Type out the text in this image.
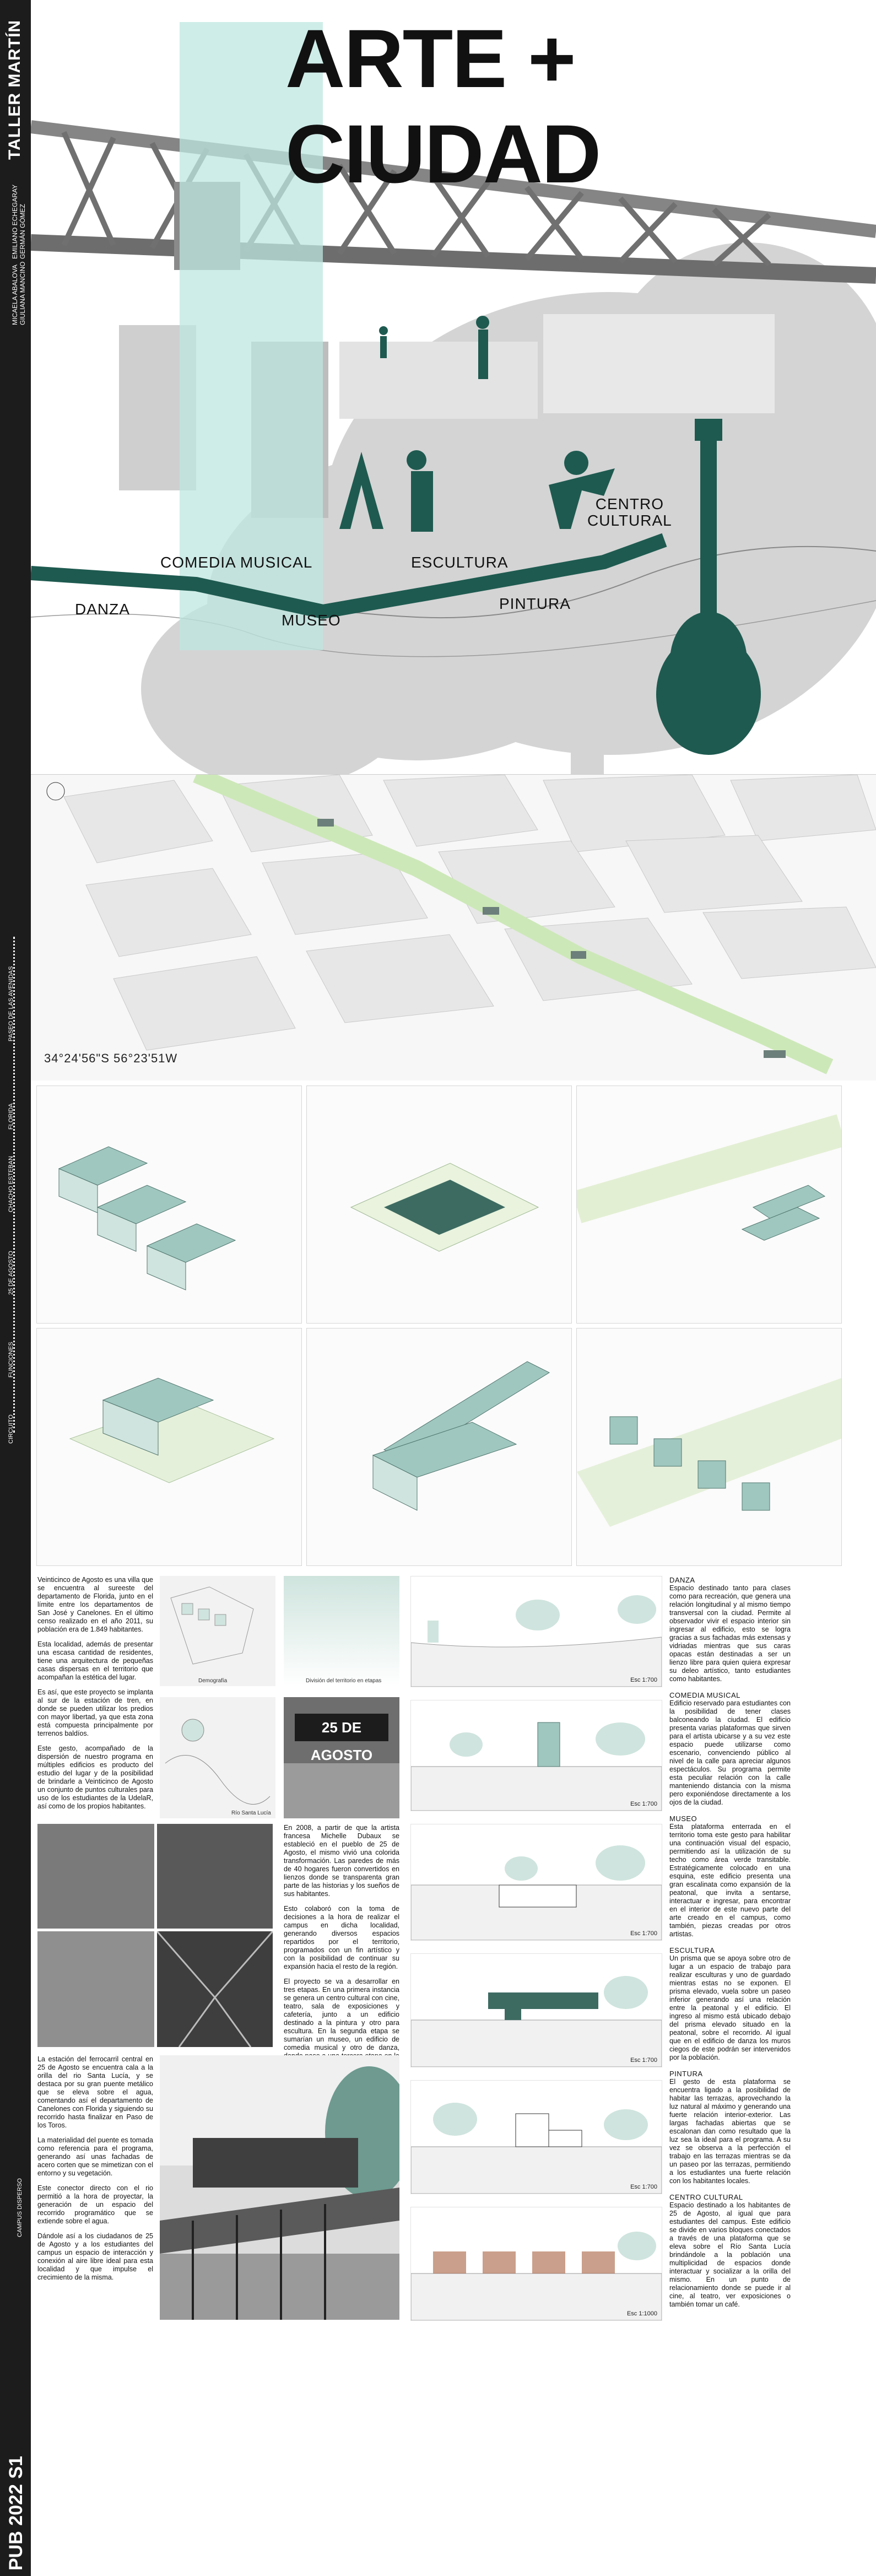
TALLER MARTÍN
EMILIANO ECHEGARAY GERMÁN GÓMEZ
MICAELA ABALOVA GIULIANA MANCINO
PASEO DE LAS AVENIDAS
FLORIDA
CHACHO ESTEBAN
25 DE AGOSTO
FUNCIONES
CIRCUITO
CAMPUS DISPERSO
PUB 2022 S1
ARTE + CIUDAD
DANZA
COMEDIA MUSICAL
MUSEO
ESCULTURA
PINTURA
CENTRO
CULTURAL
34°24'56"S 56°23'51W

Veinticinco de Agosto es una villa que se encuentra al sureeste del departamento de Florida, junto en el límite entre los departamentos de San José y Canelones. En el último censo realizado en el año 2011, su población era de 1.849 habitantes.

Esta localidad, además de presentar una escasa cantidad de residentes, tiene una arquitectura de pequeñas casas dispersas en el territorio que acompañan la estética del lugar.

Es así, que este proyecto se implanta al sur de la estación de tren, en donde se pueden utilizar los predios con mayor libertad, ya que esta zona está compuesta principalmente por terrenos baldíos.

Este gesto, acompañado de la dispersión de nuestro programa en múltiples edificios es producto del estudio del lugar y de la posibilidad de brindarle a Veinticinco de Agosto un conjunto de puntos culturales para uso de los estudiantes de la UdelaR, así como de los propios habitantes.

Demografía	División del territorio en etapas
Río Santa Lucía
25 DE AGOSTO

En 2008, a partir de que la artista francesa Michelle Dubaux se estableció en el pueblo de 25 de Agosto, el mismo vivió una colorida transformación. Las paredes de más de 40 hogares fueron convertidos en lienzos donde se transparenta gran parte de las historias y los sueños de sus habitantes.

Esto colaboró con la toma de decisiones a la hora de realizar el campus en dicha localidad, generando diversos espacios repartidos por el territorio, programados con un fin artístico y con la posibilidad de continuar su expansión hacia el resto de la región.

El proyecto se va a desarrollar en tres etapas. En una primera instancia se genera un centro cultural con cine, teatro, sala de exposiciones y cafetería, junto a un edificio destinado a la pintura y otro para escultura. En la segunda etapa se sumarían un museo, un edificio de comedia musical y otro de danza,

La estación del ferrocarril central en 25 de Agosto se encuentra cala a la orilla del rio Santa Lucía, y se destaca por su gran puente metálico que se eleva sobre el agua, comentando así el departamento de Canelones con Florida y siguiendo su recorrido hasta finalizar en Paso de los Toros.

La materialidad del puente es tomada como referencia para el programa, generando así unas fachadas de acero corten que se mimetizan con el entorno y su vegetación.

Este conector directo con el rio permitió a la hora de proyectar, la generación de un espacio del recorrido programático que se extiende sobre el agua.

Dándole así a los ciudadanos de 25 de Agosto y a los estudiantes del campus un espacio de interacción y conexión al aire libre ideal para esta localidad y que impulse el crecimiento de la misma.

Esc 1:700
Esc 1:700
Esc 1:700
Esc 1:700
Esc 1:700
Esc 1:1000
DANZA

Espacio destinado tanto para clases como para recreación, que genera una relación longitudinal y al mismo tiempo transversal con la ciudad. Permite al observador vivir el espacio interior sin ingresar al edificio, esto se logra gracias a sus fachadas más extensas y vidriadas mientras que sus caras opacas están destinadas a ser un lienzo libre para quien quiera expresar su deleo artístico, tanto estudiantes como habitantes.

COMEDIA MUSICAL

Edificio reservado para estudiantes con la posibilidad de tener clases balconeando la ciudad. El edificio presenta varias plataformas que sirven para el artista ubicarse y a su vez este espacio puede utilizarse como escenario, convenciendo público al nivel de la calle para apreciar algunos espectáculos. Su programa permite esta peculiar relación con la calle manteniendo distancia con la misma pero exponiéndose directamente a los ojos de la ciudad.

MUSEO

Esta plataforma enterrada en el territorio toma este gesto para habilitar una continuación visual del espacio, permitiendo así la utilización de su techo como área verde transitable. Estratégicamente colocado en una esquina, este edificio presenta una gran escalinata como expansión de la peatonal, que invita a sentarse, interactuar e ingresar, para encontrar en el interior de este nuevo parte del arte creado en el campus, como también, piezas creadas por otros artistas.

ESCULTURA

Un prisma que se apoya sobre otro de lugar a un espacio de trabajo para realizar esculturas y uno de guardado mientras estas no se exponen. El prisma elevado, vuela sobre un paseo inferior generando así una relación entre la peatonal y el edificio. El ingreso al mismo está ubicado debajo del prisma elevado situado en la peatonal, sobre el recorrido. Al igual que en el edificio de danza los muros ciegos de este podrán ser intervenidos por la población.

PINTURA

El gesto de esta plataforma se encuentra ligado a la posibilidad de habitar las terrazas, aprovechando la luz natural al máximo y generando una fuerte relación interior-exterior. Las largas fachadas abiertas que se escalonan dan como resultado que la luz sea la ideal para el programa. A su vez se observa a la perfección el trabajo en las terrazas mientras se da un paseo por las terrazas, permitiendo a los estudiantes una fuerte relación con los habitantes locales.

CENTRO CULTURAL

Espacio destinado a los habitantes de 25 de Agosto, al igual que para estudiantes del campus. Este edificio se divide en varios bloques conectados a través de una plataforma que se eleva sobre el Río Santa Lucía brindándole a la población una multiplicidad de espacios donde interactuar y socializar a la orilla del mismo. En un punto de relacionamiento donde se puede ir al cine, al teatro, ver exposiciones o también tomar un café.
